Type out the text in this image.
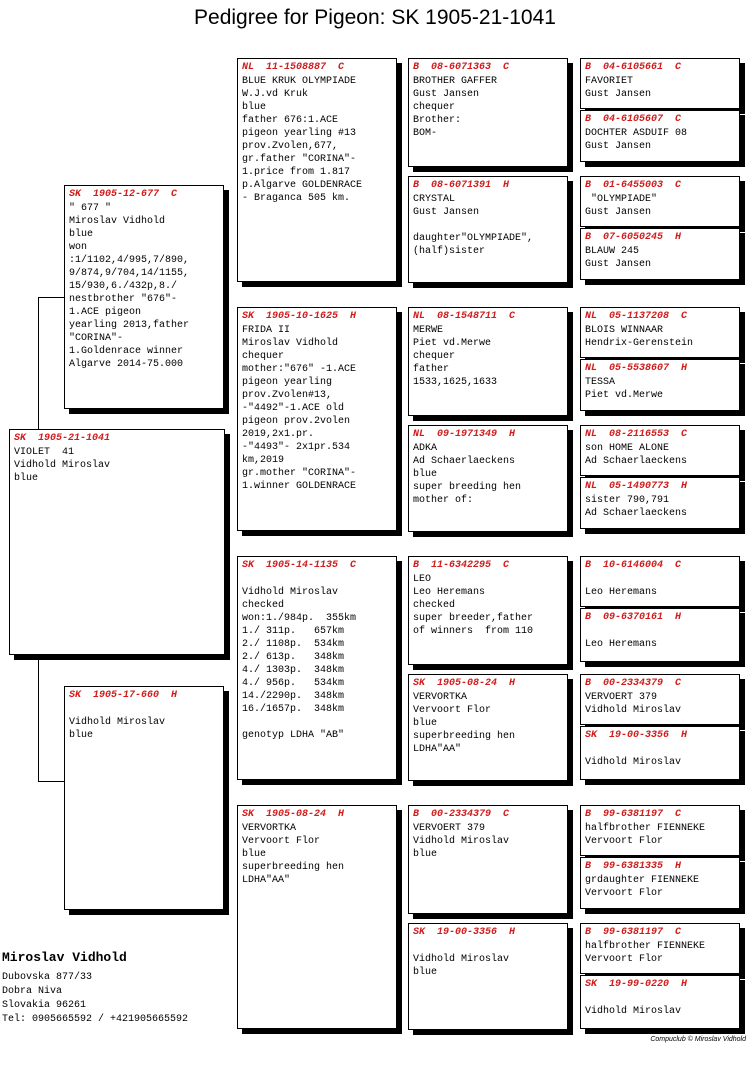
Pedigree for Pigeon: SK 1905-21-1041
SK  1905-21-1041
VIOLET  41
Vidhold Miroslav
blue
SK  1905-12-677  C
" 677 "
Miroslav Vidhold
blue
won
:1/1102,4/995,7/890,
9/874,9/704,14/1155,
15/930,6./432p,8./
nestbrother "676"-
1.ACE pigeon
yearling 2013,father
"CORINA"-
1.Goldenrace winner
Algarve 2014-75.000
SK  1905-17-660  H

Vidhold Miroslav
blue
NL  11-1508887  C
BLUE KRUK OLYMPIADE
W.J.vd Kruk
blue
father 676:1.ACE
pigeon yearling #13
prov.Zvolen,677,
gr.father "CORINA"-
1.price from 1.817
p.Algarve GOLDENRACE
- Braganca 505 km.
SK  1905-10-1625  H
FRIDA II
Miroslav Vidhold
chequer
mother:"676" -1.ACE
pigeon yearling
prov.Zvolen#13,
-"4492"-1.ACE old
pigeon prov.2volen
2019,2x1.pr.
-"4493"- 2x1pr.534
km,2019
gr.mother "CORINA"-
1.winner GOLDENRACE
SK  1905-14-1135  C

Vidhold Miroslav
checked
won:1./984p.  355km
1./ 311p.   657km
2./ 1108p.  534km
2./ 613p.   348km
4./ 1303p.  348km
4./ 956p.   534km
14./2290p.  348km
16./1657p.  348km

genotyp LDHA "AB"
SK  1905-08-24  H
VERVORTKA
Vervoort Flor
blue
superbreeding hen
LDHA"AA"
B  08-6071363  C
BROTHER GAFFER
Gust Jansen
chequer
Brother:
BOM-
B  08-6071391  H
CRYSTAL
Gust Jansen

daughter"OLYMPIADE",
(half)sister
NL  08-1548711  C
MERWE
Piet vd.Merwe
chequer
father
1533,1625,1633
NL  09-1971349  H
ADKA
Ad Schaerlaeckens
blue
super breeding hen
mother of:
B  11-6342295  C
LEO
Leo Heremans
checked
super breeder,father
of winners  from 110
SK  1905-08-24  H
VERVORTKA
Vervoort Flor
blue
superbreeding hen
LDHA"AA"
B  00-2334379  C
VERVOERT 379
Vidhold Miroslav
blue
SK  19-00-3356  H

Vidhold Miroslav
blue
B  04-6105661  C
FAVORIET
Gust Jansen
B  04-6105607  C
DOCHTER ASDUIF 08
Gust Jansen
B  01-6455003  C
"OLYMPIADE"
Gust Jansen
B  07-6050245  H
BLAUW 245
Gust Jansen
NL  05-1137208  C
BLOIS WINNAAR
Hendrix-Gerenstein
NL  05-5538607  H
TESSA
Piet vd.Merwe
NL  08-2116553  C
son HOME ALONE
Ad Schaerlaeckens
NL  05-1490773  H
sister 790,791
Ad Schaerlaeckens
B  10-6146004  C

Leo Heremans
B  09-6370161  H

Leo Heremans
B  00-2334379  C
VERVOERT 379
Vidhold Miroslav
SK  19-00-3356  H

Vidhold Miroslav
B  99-6381197  C
halfbrother FIENNEKE
Vervoort Flor
B  99-6381335  H
grdaughter FIENNEKE
Vervoort Flor
B  99-6381197  C
halfbrother FIENNEKE
Vervoort Flor
SK  19-99-0220  H

Vidhold Miroslav
Miroslav Vidhold
Dubovska 877/33
Dobra Niva
Slovakia 96261
Tel: 0905665592 / +421905665592
Compuclub © Miroslav Vidhold
